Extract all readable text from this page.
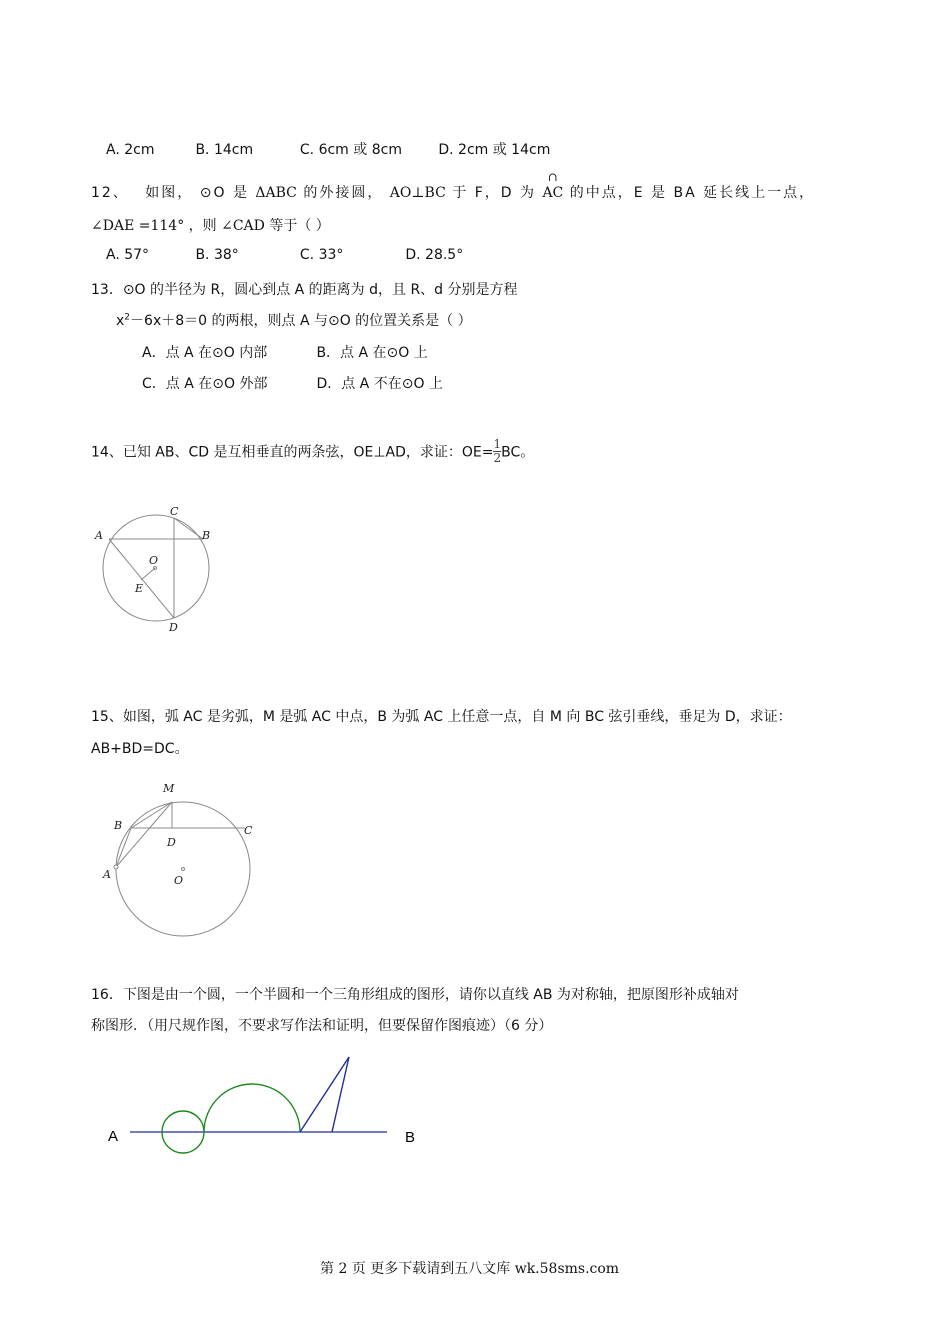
A. 2cm	B. 14cm	C. 6cm 或 8cm	D. 2cm 或 14cm
12、 如图， ⊙O 是 ΔABC 的外接圆， AO⊥BC 于 F，D 为
∩
AC 的中点，E 是 BA 延长线上一点，
∠DAE =114° ，则 ∠CAD 等于（ ）
A. 57°	B. 38°	C. 33°	D. 28.5°
13．⊙O 的半径为 R，圆心到点 A 的距离为 d，且 R、d 分别是方程
$x^2-6x+8=0$ 的两根，则点 A 与⊙O 的位置关系是（ ）
A．点 A 在⊙O 内部	B．点 A 在⊙O 上
C．点 A 在⊙O 外部	D．点 A 不在⊙O 上
14、已知 AB、CD 是互相垂直的两条弦，OE⊥AD，求证：$OE= \frac{1}{2}$ BC。
A	B
C
D
E
O
15、如图，弧 AC 是劣弧，M 是弧 AC 中点，B 为弧 AC 上任意一点，自 M 向 BC 弦引垂线，垂足为 D，求证：
AB+BD=DC。
M
B	C
D
A	O
16．下图是由一个圆，一个半圆和一个三角形组成的图形，请你以直线 AB 为对称轴，把原图形补成轴对
称图形．（用尺规作图，不要求写作法和证明，但要保留作图痕迹）（6 分）
A	B
第 2 页 更多下载请到五八文库 wk.58sms.com
